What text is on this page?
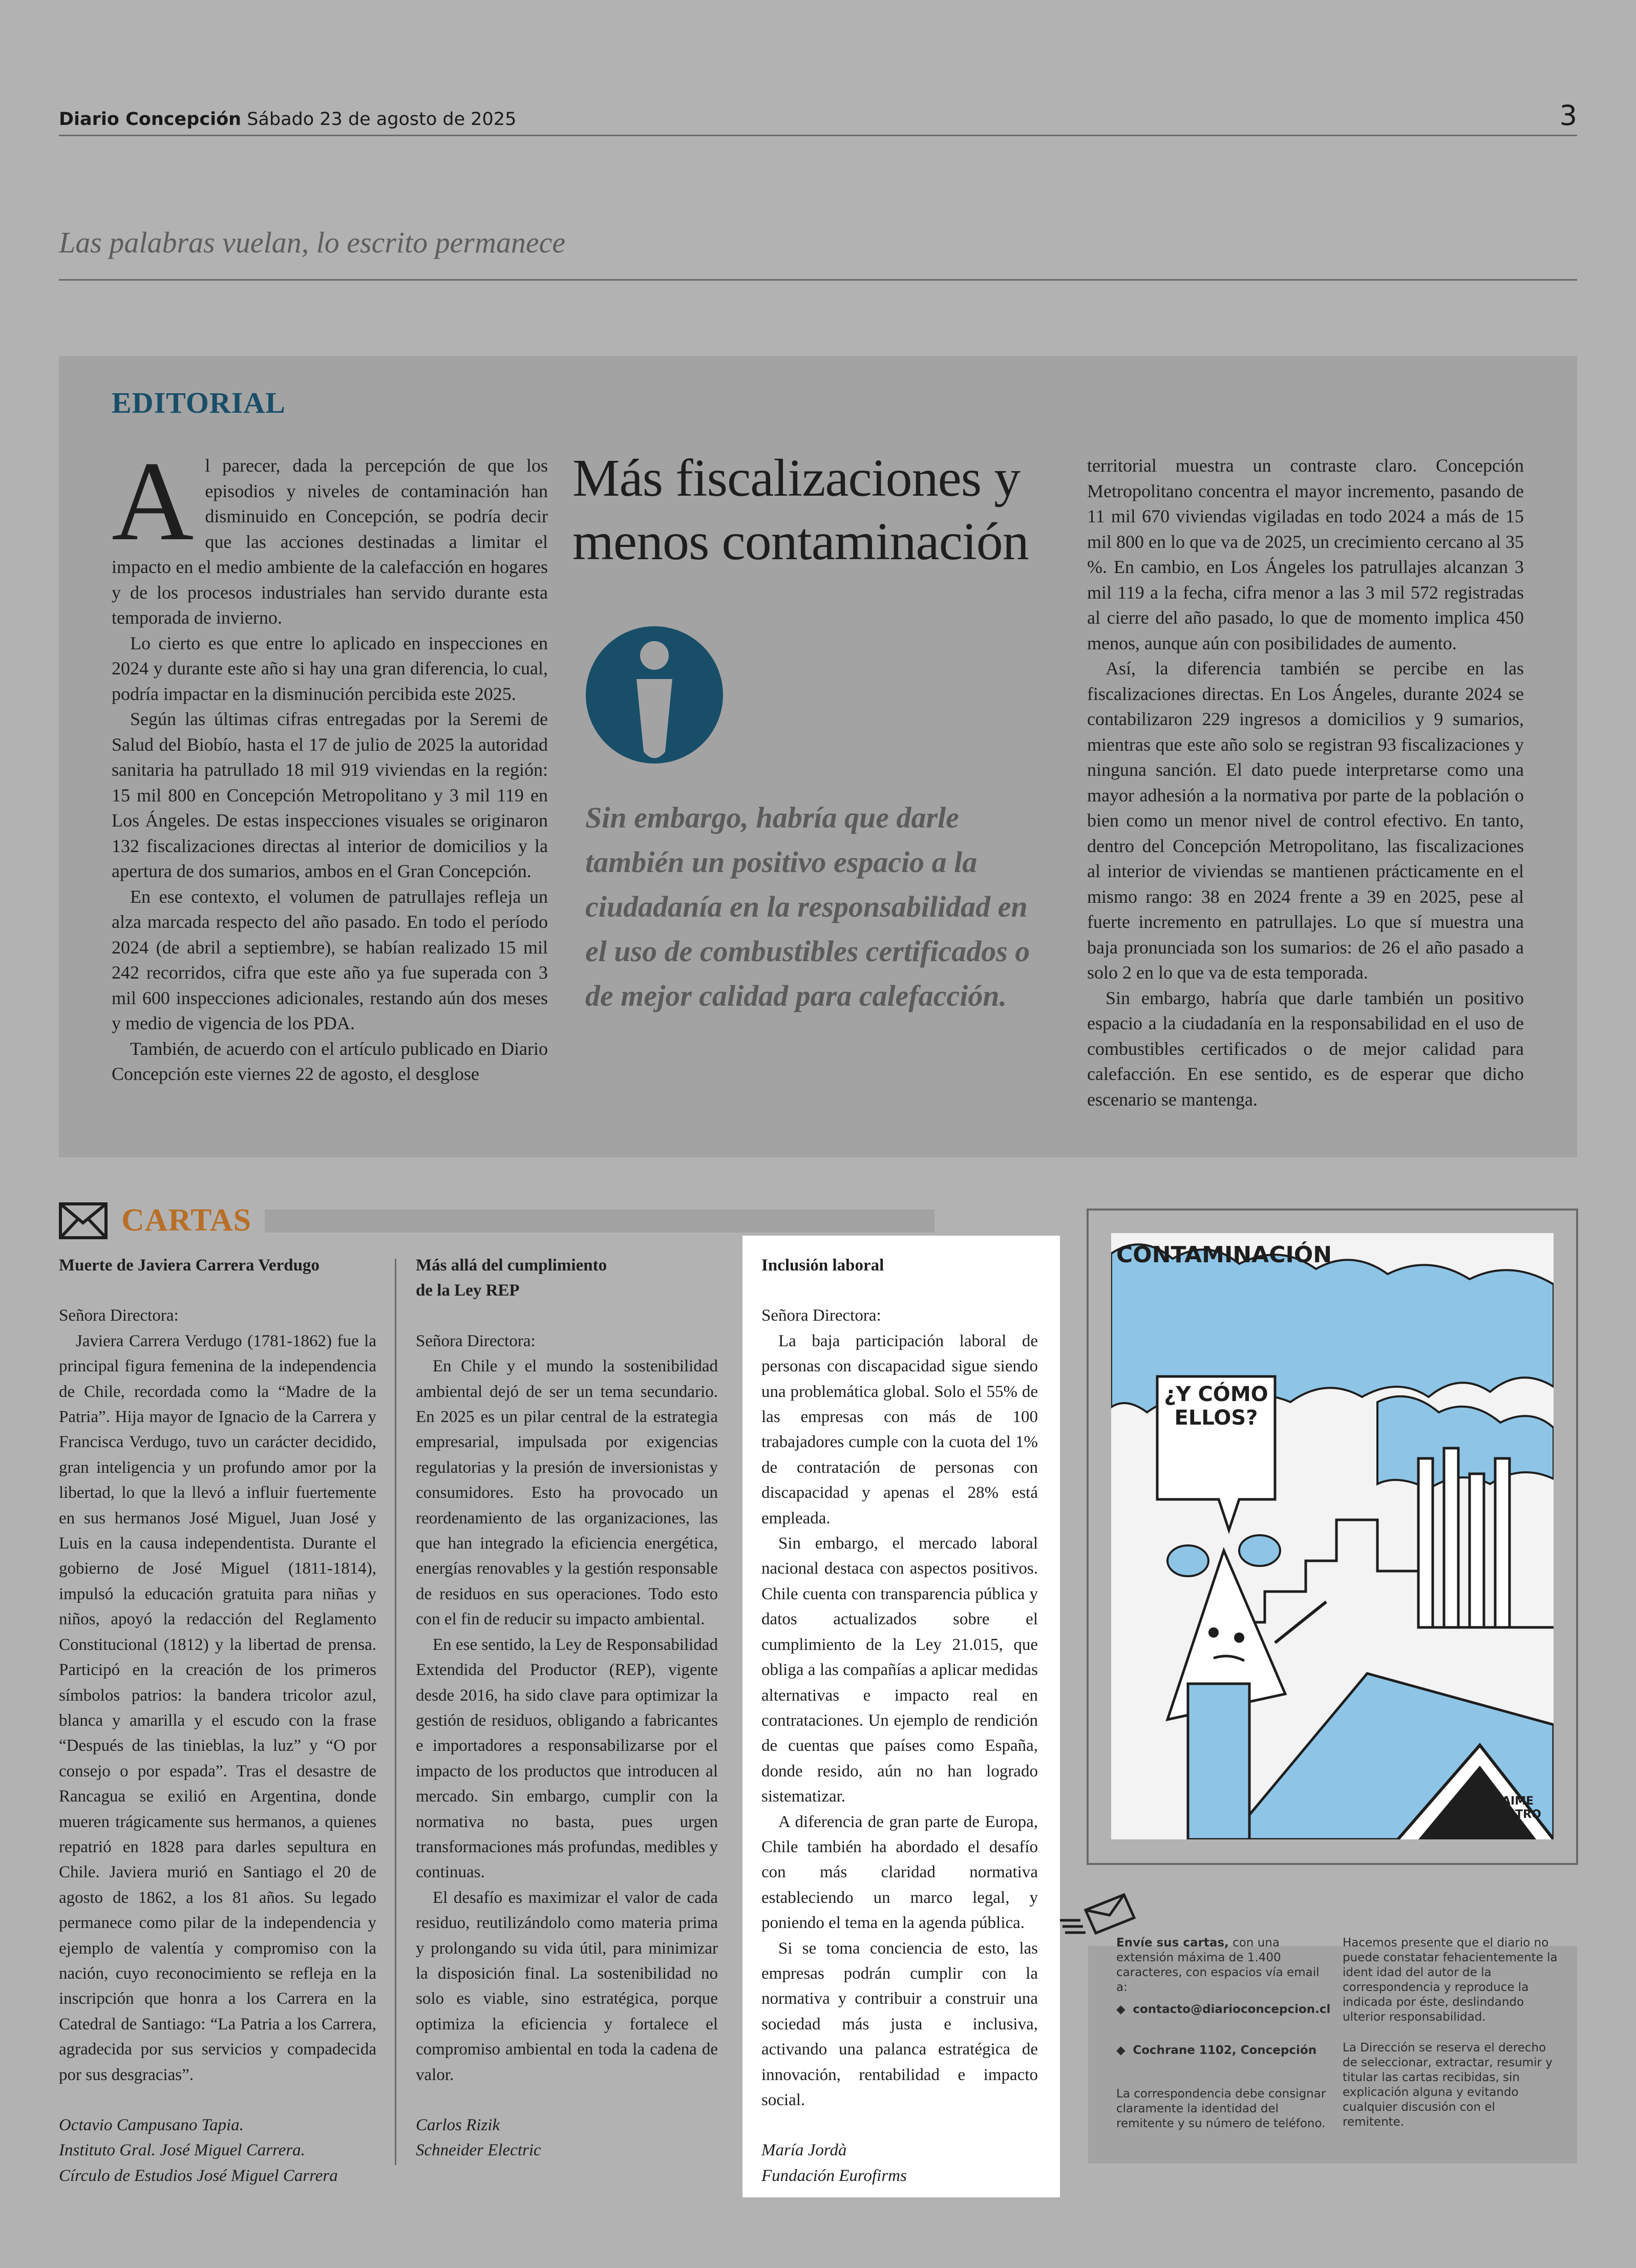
Diario Concepción Sábado 23 de agosto de 2025	3
Las palabras vuelan, lo escrito permanece
EDITORIAL

Al parecer, dada la percepción de que los episodios y niveles de contaminación han disminuido en Concepción, se podría decir que las acciones destinadas a limitar el impacto en el medio ambiente de la calefacción en hogares y de los procesos industriales han servido durante esta temporada de invierno.

Lo cierto es que entre lo aplicado en inspecciones en 2024 y durante este año si hay una gran diferencia, lo cual, podría impactar en la disminución percibida este 2025.

Según las últimas cifras entregadas por la Seremi de Salud del Biobío, hasta el 17 de julio de 2025 la autoridad sanitaria ha patrullado 18 mil 919 viviendas en la región: 15 mil 800 en Concepción Metropolitano y 3 mil 119 en Los Ángeles. De estas inspecciones visuales se originaron 132 fiscalizaciones directas al interior de domicilios y la apertura de dos sumarios, ambos en el Gran Concepción.

En ese contexto, el volumen de patrullajes refleja un alza marcada respecto del año pasado. En todo el período 2024 (de abril a septiembre), se habían realizado 15 mil 242 recorridos, cifra que este año ya fue superada con 3 mil 600 inspecciones adicionales, restando aún dos meses y medio de vigencia de los PDA.

También, de acuerdo con el artículo publicado en Diario Concepción este viernes 22 de agosto, el desglose

Más fiscalizaciones y
menos contaminación
Sin embargo, habría que darle también un positivo espacio a la ciudadanía en la responsabilidad en el uso de combustibles certificados o de mejor calidad para calefacción.

territorial muestra un contraste claro. Concepción Metropolitano concentra el mayor incremento, pasando de 11 mil 670 viviendas vigiladas en todo 2024 a más de 15 mil 800 en lo que va de 2025, un crecimiento cercano al 35 %. En cambio, en Los Ángeles los patrullajes alcanzan 3 mil 119 a la fecha, cifra menor a las 3 mil 572 registradas al cierre del año pasado, lo que de momento implica 450 menos, aunque aún con posibilidades de aumento.

Así, la diferencia también se percibe en las fiscalizaciones directas. En Los Ángeles, durante 2024 se contabilizaron 229 ingresos a domicilios y 9 sumarios, mientras que este año solo se registran 93 fiscalizaciones y ninguna sanción. El dato puede interpretarse como una mayor adhesión a la normativa por parte de la población o bien como un menor nivel de control efectivo. En tanto, dentro del Concepción Metropolitano, las fiscalizaciones al interior de viviendas se mantienen prácticamente en el mismo rango: 38 en 2024 frente a 39 en 2025, pese al fuerte incremento en patrullajes. Lo que sí muestra una baja pronunciada son los sumarios: de 26 el año pasado a solo 2 en lo que va de esta temporada.

Sin embargo, habría que darle también un positivo espacio a la ciudadanía en la responsabilidad en el uso de combustibles certificados o de mejor calidad para calefacción. En ese sentido, es de esperar que dicho escenario se mantenga.

CARTAS
Muerte de Javiera Carrera Verdugo

Señora Directora:

Javiera Carrera Verdugo (1781-1862) fue la principal figura femenina de la independencia de Chile, recordada como la “Madre de la Patria”. Hija mayor de Ignacio de la Carrera y Francisca Verdugo, tuvo un carácter decidido, gran inteligencia y un profundo amor por la libertad, lo que la llevó a influir fuertemente en sus hermanos José Miguel, Juan José y Luis en la causa independentista. Durante el gobierno de José Miguel (1811-1814), impulsó la educación gratuita para niñas y niños, apoyó la redacción del Reglamento Constitucional (1812) y la libertad de prensa. Participó en la creación de los primeros símbolos patrios: la bandera tricolor azul, blanca y amarilla y el escudo con la frase “Después de las tinieblas, la luz” y “O por consejo o por espada”. Tras el desastre de Rancagua se exilió en Argentina, donde mueren trágicamente sus hermanos, a quienes repatrió en 1828 para darles sepultura en Chile. Javiera murió en Santiago el 20 de agosto de 1862, a los 81 años. Su legado permanece como pilar de la independencia y ejemplo de valentía y compromiso con la nación, cuyo reconocimiento se refleja en la inscripción que honra a los Carrera en la Catedral de Santiago: “La Patria a los Carrera, agradecida por sus servicios y compadecida por sus desgracias”.

Octavio Campusano Tapia.

Instituto Gral. José Miguel Carrera.

Círculo de Estudios José Miguel Carrera

Más allá del cumplimiento
de la Ley REP

Señora Directora:

En Chile y el mundo la sostenibilidad ambiental dejó de ser un tema secundario. En 2025 es un pilar central de la estrategia empresarial, impulsada por exigencias regulatorias y la presión de inversionistas y consumidores. Esto ha provocado un reordenamiento de las organizaciones, las que han integrado la eficiencia energética, energías renovables y la gestión responsable de residuos en sus operaciones. Todo esto con el fin de reducir su impacto ambiental.

En ese sentido, la Ley de Responsabilidad Extendida del Productor (REP), vigente desde 2016, ha sido clave para optimizar la gestión de residuos, obligando a fabricantes e importadores a responsabilizarse por el impacto de los productos que introducen al mercado. Sin embargo, cumplir con la normativa no basta, pues urgen transformaciones más profundas, medibles y continuas.

El desafío es maximizar el valor de cada residuo, reutilizándolo como materia prima y prolongando su vida útil, para minimizar la disposición final. La sostenibilidad no solo es viable, sino estratégica, porque optimiza la eficiencia y fortalece el compromiso ambiental en toda la cadena de valor.

Carlos Rizik

Schneider Electric

Inclusión laboral

Señora Directora:

La baja participación laboral de personas con discapacidad sigue siendo una problemática global. Solo el 55% de las empresas con más de 100 trabajadores cumple con la cuota del 1% de contratación de personas con discapacidad y apenas el 28% está empleada.

Sin embargo, el mercado laboral nacional destaca con aspectos positivos. Chile cuenta con transparencia pública y datos actualizados sobre el cumplimiento de la Ley 21.015, que obliga a las compañías a aplicar medidas alternativas e impacto real en contrataciones. Un ejemplo de rendición de cuentas que países como España, donde resido, aún no han logrado sistematizar.

A diferencia de gran parte de Europa, Chile también ha abordado el desafío con más claridad normativa estableciendo un marco legal, y poniendo el tema en la agenda pública.

Si se toma conciencia de esto, las empresas podrán cumplir con la normativa y contribuir a construir una sociedad más justa e inclusiva, activando una palanca estratégica de innovación, rentabilidad e impacto social.

María Jordà

Fundación Eurofirms

CONTAMINACIÓN
¿Y CÓMO ELLOS?
JAIME CASTRO
Envíe sus cartas, con una extensión máxima de 1.400 caracteres, con espacios vía email a:
◆ contacto@diarioconcepcion.cl
◆ Cochrane 1102, Concepción
La correspondencia debe consignar claramente la identidad del remitente y su número de teléfono.
Hacemos presente que el diario no puede constatar fehacientemente la ident idad del autor de la correspondencia y reproduce la indicada por éste, deslindando ulterior responsabilidad.
La Dirección se reserva el derecho de seleccionar, extractar, resumir y titular las cartas recibidas, sin explicación alguna y evitando cualquier discusión con el remitente.
